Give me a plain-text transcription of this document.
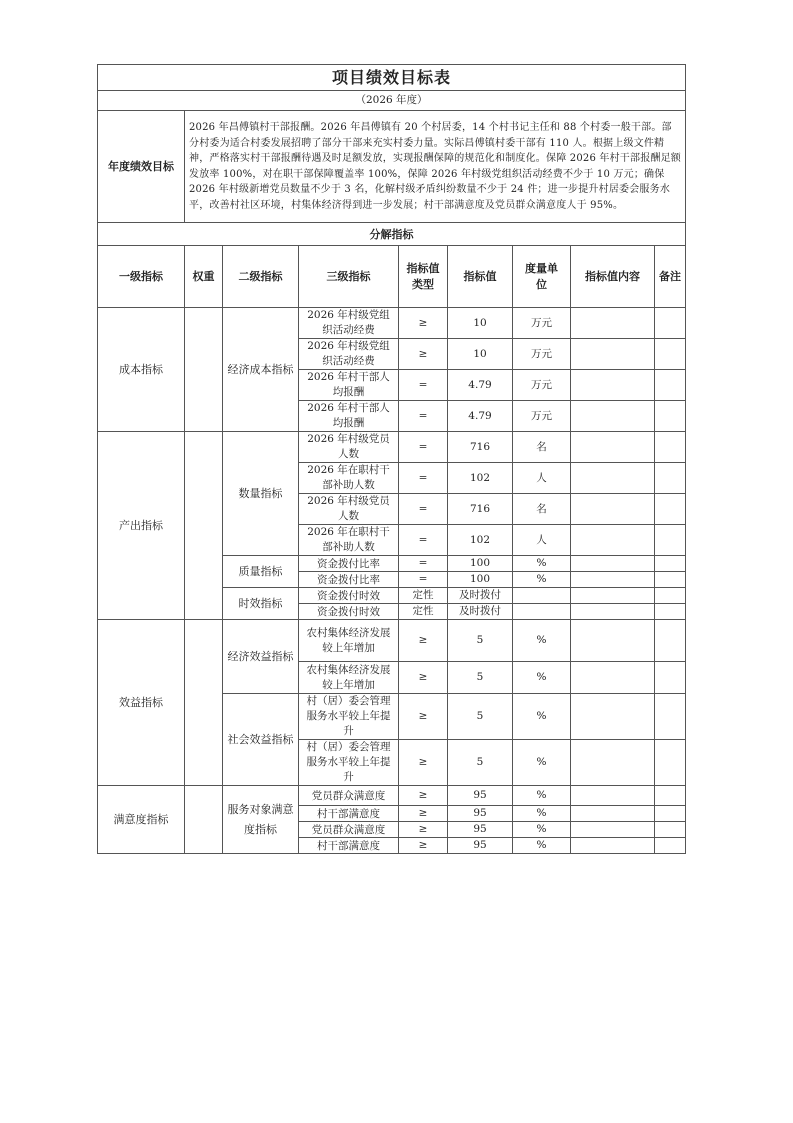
项目绩效目标表								
（2026 年度）								
年度绩效目标	2026 年昌傅镇村干部报酬。2026 年昌傅镇有 20 个村居委，14 个村书记主任和 88 个村委一般干部。部分村委为适合村委发展招聘了部分干部来充实村委力量。实际昌傅镇村委干部有 110 人。根据上级文件精神，严格落实村干部报酬待遇及时足额发放，实现报酬保障的规范化和制度化。保障 2026 年村干部报酬足额发放率 100%，对在职干部保障覆盖率 100%，保障 2026 年村级党组织活动经费不少于 10 万元；确保 2026 年村级新增党员数量不少于 3 名，化解村级矛盾纠纷数量不少于 24 件；进一步提升村居委会服务水平，改善村社区环境，村集体经济得到进一步发展；村干部满意度及党员群众满意度人于 95%。							
分解指标								
一级指标	权重	二级指标	三级指标	指标值类型	指标值	度量单位	指标值内容	备注
成本指标		经济成本指标	2026 年村级党组织活动经费	≥	10	万元		
			2026 年村级党组织活动经费	≥	10	万元		
			2026 年村干部人均报酬	=	4.79	万元		
			2026 年村干部人均报酬	=	4.79	万元		
产出指标		数量指标	2026 年村级党员人数	=	716	名		
			2026 年在职村干部补助人数	=	102	人		
			2026 年村级党员人数	=	716	名		
			2026 年在职村干部补助人数	=	102	人		
		质量指标	资金拨付比率	=	100	%		
			资金拨付比率	=	100	%		
		时效指标	资金拨付时效	定性	及时拨付			
			资金拨付时效	定性	及时拨付			
效益指标		经济效益指标	农村集体经济发展较上年增加	≥	5	%		
			农村集体经济发展较上年增加	≥	5	%		
		社会效益指标	村（居）委会管理服务水平较上年提升	≥	5	%		
			村（居）委会管理服务水平较上年提升	≥	5	%		
满意度指标		服务对象满意度指标	党员群众满意度	≥	95	%		
			村干部满意度	≥	95	%		
			党员群众满意度	≥	95	%		
			村干部满意度	≥	95	%		
